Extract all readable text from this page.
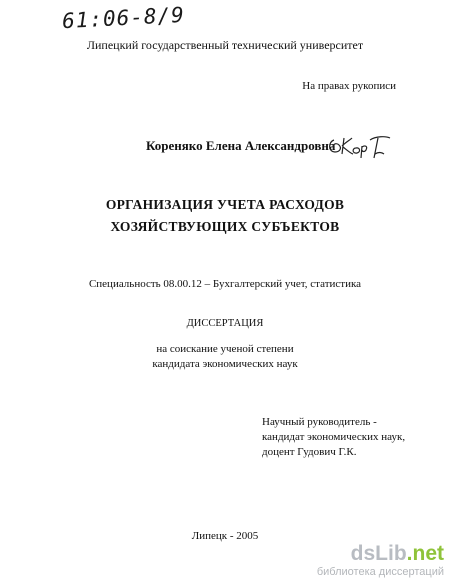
61:06-8/9
Липецкий государственный технический университет
На правах рукописи
Кореняко Елена Александровна
ОРГАНИЗАЦИЯ УЧЕТА РАСХОДОВ
ХОЗЯЙСТВУЮЩИХ СУБЪЕКТОВ
Специальность 08.00.12 – Бухгалтерский учет, статистика
ДИССЕРТАЦИЯ
на соискание ученой степени
кандидата экономических наук
Научный руководитель -
кандидат экономических наук,
доцент Гудович Г.К.
Липецк - 2005
dsLib.net
библиотека диссертаций
